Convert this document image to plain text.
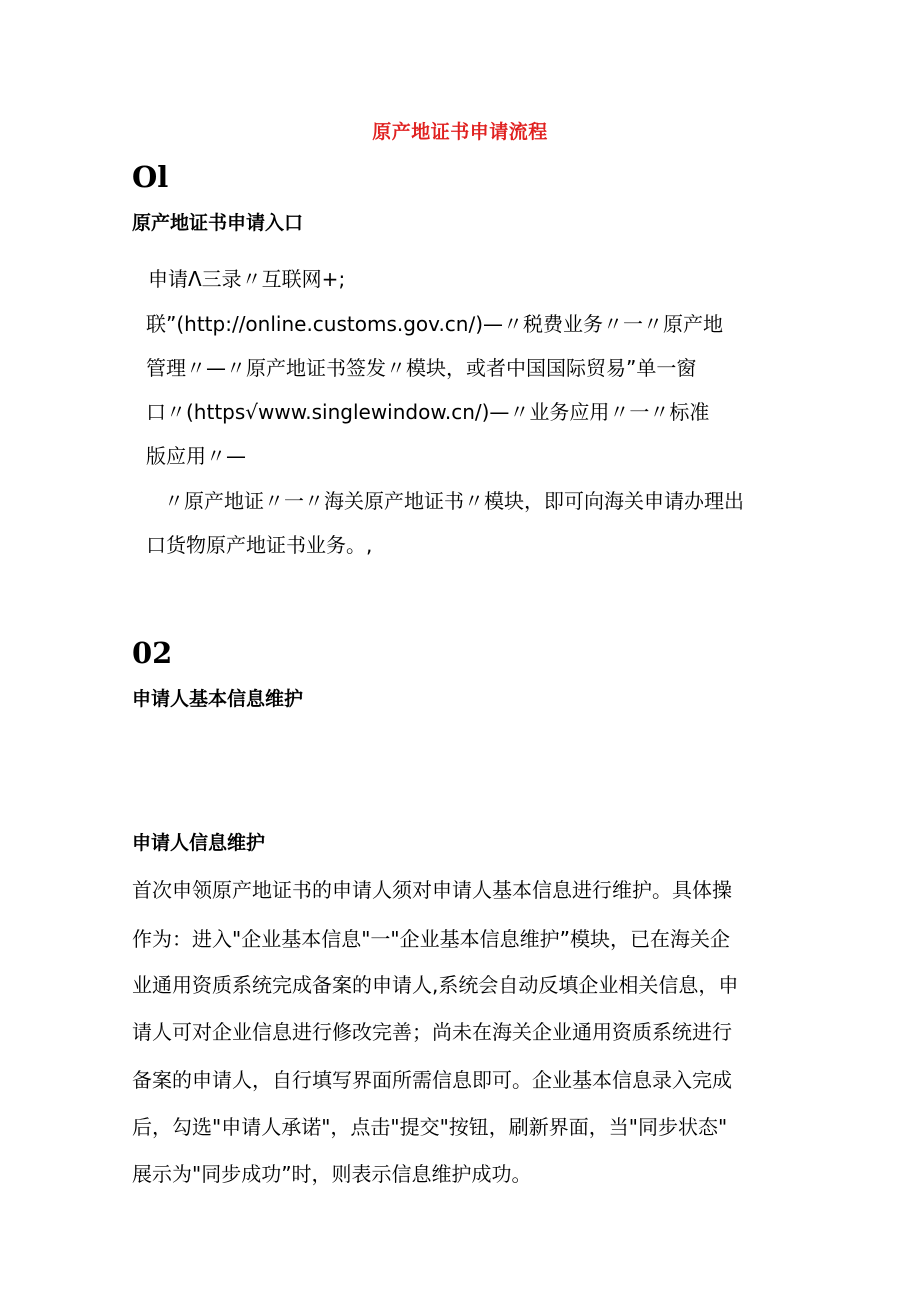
原产地证书申请流程
Ol
原产地证书申请入口
申请Λ三录〃互联网+;
联”(http://online.customs.gov.cn∕)—〃税费业务〃一〃原产地
管理〃—〃原产地证书签发〃模块，或者中国国际贸易”单一窗
口〃(https√www.singlewindow.cn/)—〃业务应用〃一〃标准
版应用〃—
〃原产地证〃一〃海关原产地证书〃模块，即可向海关申请办理出
口货物原产地证书业务。,
02
申请人基本信息维护
申请人信息维护
首次申领原产地证书的申请人须对申请人基本信息进行维护。具体操
作为：进入"企业基本信息"一"企业基本信息维护”模块，已在海关企
业通用资质系统完成备案的申请人,系统会自动反填企业相关信息，申
请人可对企业信息进行修改完善；尚未在海关企业通用资质系统进行
备案的申请人，自行填写界面所需信息即可。企业基本信息录入完成
后，勾选"申请人承诺"，点击"提交"按钮，刷新界面，当"同步状态"
展示为"同步成功”时，则表示信息维护成功。
